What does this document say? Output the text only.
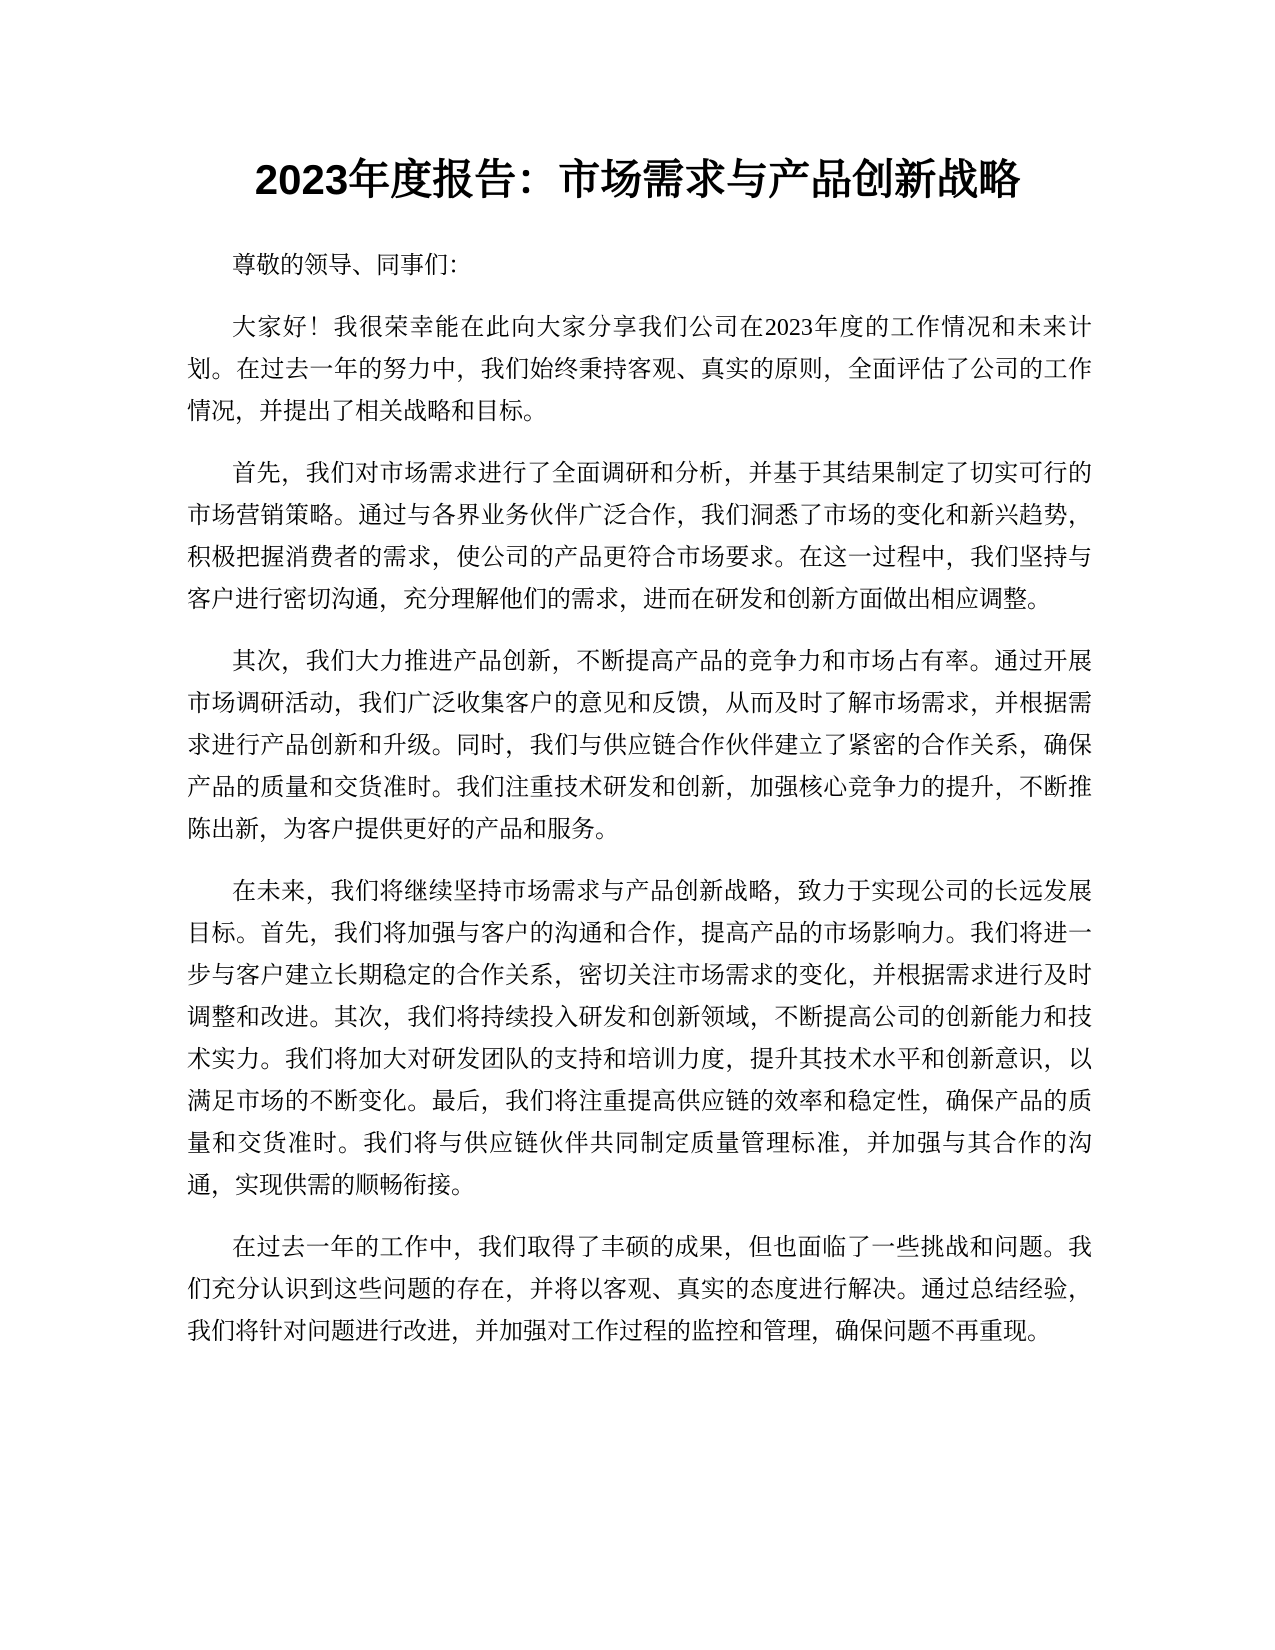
2023年度报告：市场需求与产品创新战略

尊敬的领导、同事们：

大家好！我很荣幸能在此向大家分享我们公司在2023年度的工作情况和未来计划。在过去一年的努力中，我们始终秉持客观、真实的原则，全面评估了公司的工作情况，并提出了相关战略和目标。

首先，我们对市场需求进行了全面调研和分析，并基于其结果制定了切实可行的市场营销策略。通过与各界业务伙伴广泛合作，我们洞悉了市场的变化和新兴趋势，积极把握消费者的需求，使公司的产品更符合市场要求。在这一过程中，我们坚持与客户进行密切沟通，充分理解他们的需求，进而在研发和创新方面做出相应调整。

其次，我们大力推进产品创新，不断提高产品的竞争力和市场占有率。通过开展市场调研活动，我们广泛收集客户的意见和反馈，从而及时了解市场需求，并根据需求进行产品创新和升级。同时，我们与供应链合作伙伴建立了紧密的合作关系，确保产品的质量和交货准时。我们注重技术研发和创新，加强核心竞争力的提升，不断推陈出新，为客户提供更好的产品和服务。

在未来，我们将继续坚持市场需求与产品创新战略，致力于实现公司的长远发展目标。首先，我们将加强与客户的沟通和合作，提高产品的市场影响力。我们将进一步与客户建立长期稳定的合作关系，密切关注市场需求的变化，并根据需求进行及时调整和改进。其次，我们将持续投入研发和创新领域，不断提高公司的创新能力和技术实力。我们将加大对研发团队的支持和培训力度，提升其技术水平和创新意识，以满足市场的不断变化。最后，我们将注重提高供应链的效率和稳定性，确保产品的质量和交货准时。我们将与供应链伙伴共同制定质量管理标准，并加强与其合作的沟通，实现供需的顺畅衔接。

在过去一年的工作中，我们取得了丰硕的成果，但也面临了一些挑战和问题。我们充分认识到这些问题的存在，并将以客观、真实的态度进行解决。通过总结经验，我们将针对问题进行改进，并加强对工作过程的监控和管理，确保问题不再重现。
